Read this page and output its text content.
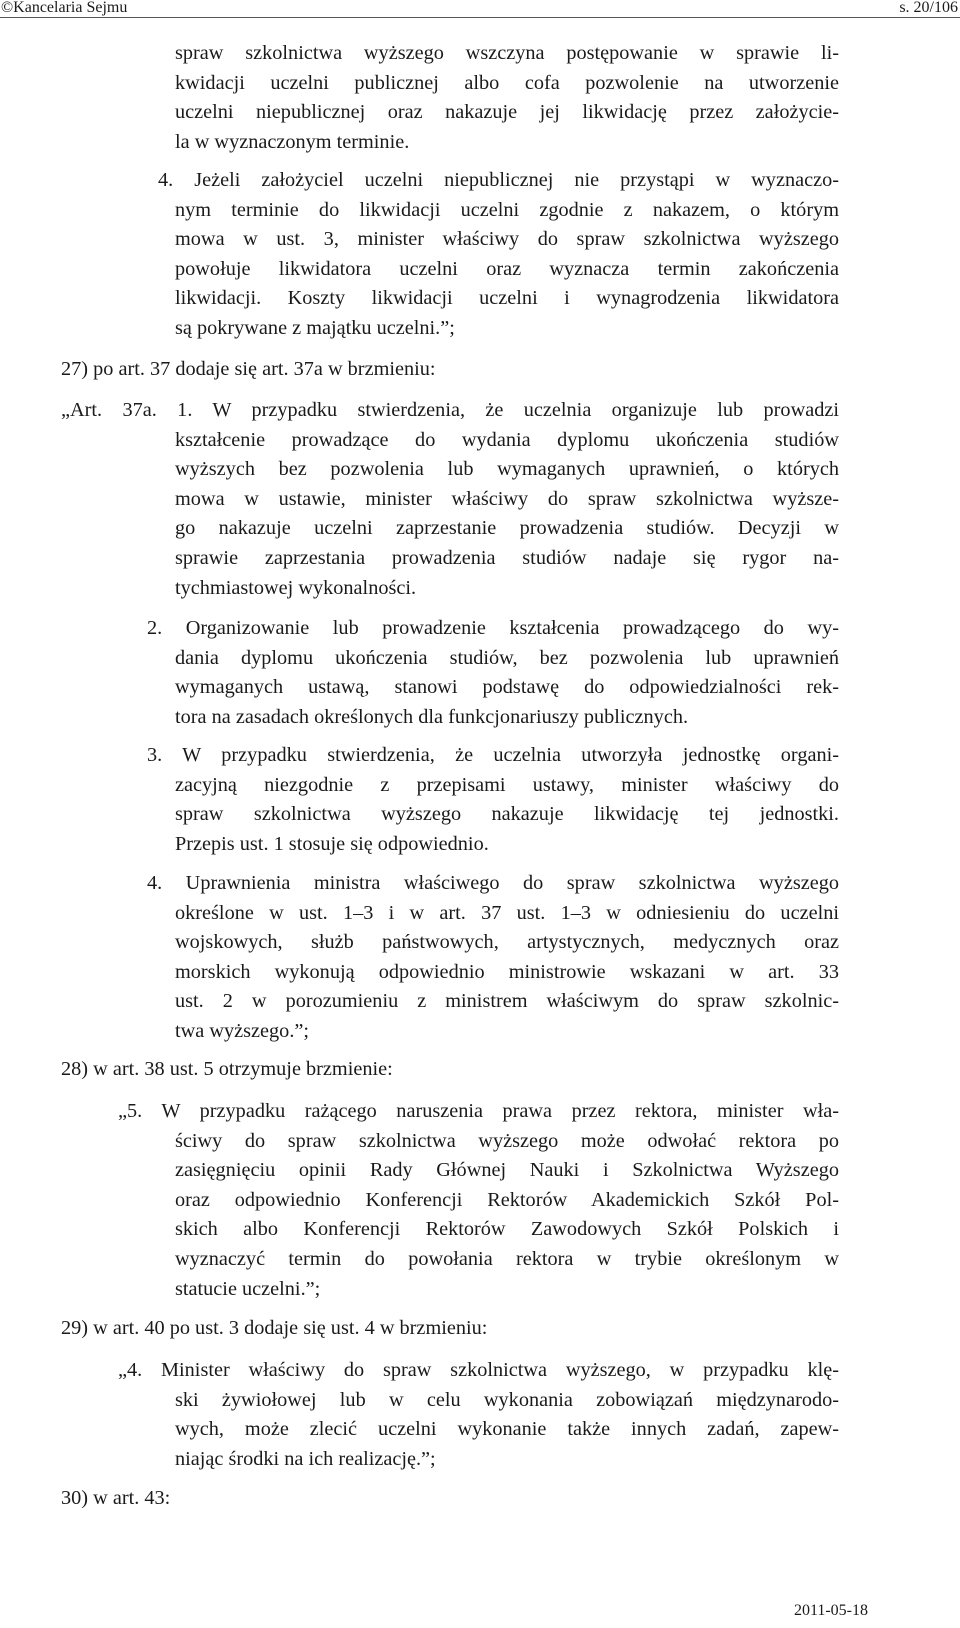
©Kancelaria Sejmu	s. 20/106
spraw szkolnictwa wyższego wszczyna postępowanie w sprawie li-
kwidacji uczelni publicznej albo cofa pozwolenie na utworzenie
uczelni niepublicznej oraz nakazuje jej likwidację przez założycie-
la w wyznaczonym terminie.
4. Jeżeli założyciel uczelni niepublicznej nie przystąpi w wyznaczo-
nym terminie do likwidacji uczelni zgodnie z nakazem, o którym
mowa w ust. 3, minister właściwy do spraw szkolnictwa wyższego
powołuje likwidatora uczelni oraz wyznacza termin zakończenia
likwidacji. Koszty likwidacji uczelni i wynagrodzenia likwidatora
są pokrywane z majątku uczelni.”;
27) po art. 37 dodaje się art. 37a w brzmieniu:
„Art. 37a. 1. W przypadku stwierdzenia, że uczelnia organizuje lub prowadzi
kształcenie prowadzące do wydania dyplomu ukończenia studiów
wyższych bez pozwolenia lub wymaganych uprawnień, o których
mowa w ustawie, minister właściwy do spraw szkolnictwa wyższe-
go nakazuje uczelni zaprzestanie prowadzenia studiów. Decyzji w
sprawie zaprzestania prowadzenia studiów nadaje się rygor na-
tychmiastowej wykonalności.
2. Organizowanie lub prowadzenie kształcenia prowadzącego do wy-
dania dyplomu ukończenia studiów, bez pozwolenia lub uprawnień
wymaganych ustawą, stanowi podstawę do odpowiedzialności rek-
tora na zasadach określonych dla funkcjonariuszy publicznych.
3. W przypadku stwierdzenia, że uczelnia utworzyła jednostkę organi-
zacyjną niezgodnie z przepisami ustawy, minister właściwy do
spraw szkolnictwa wyższego nakazuje likwidację tej jednostki.
Przepis ust. 1 stosuje się odpowiednio.
4. Uprawnienia ministra właściwego do spraw szkolnictwa wyższego
określone w ust. 1–3 i w art. 37 ust. 1–3 w odniesieniu do uczelni
wojskowych, służb państwowych, artystycznych, medycznych oraz
morskich wykonują odpowiednio ministrowie wskazani w art. 33
ust. 2 w porozumieniu z ministrem właściwym do spraw szkolnic-
twa wyższego.”;
28) w art. 38 ust. 5 otrzymuje brzmienie:
„5. W przypadku rażącego naruszenia prawa przez rektora, minister wła-
ściwy do spraw szkolnictwa wyższego może odwołać rektora po
zasięgnięciu opinii Rady Głównej Nauki i Szkolnictwa Wyższego
oraz odpowiednio Konferencji Rektorów Akademickich Szkół Pol-
skich albo Konferencji Rektorów Zawodowych Szkół Polskich i
wyznaczyć termin do powołania rektora w trybie określonym w
statucie uczelni.”;
29) w art. 40 po ust. 3 dodaje się ust. 4 w brzmieniu:
„4. Minister właściwy do spraw szkolnictwa wyższego, w przypadku klę-
ski żywiołowej lub w celu wykonania zobowiązań międzynarodo-
wych, może zlecić uczelni wykonanie także innych zadań, zapew-
niając środki na ich realizację.”;
30) w art. 43:
2011-05-18
